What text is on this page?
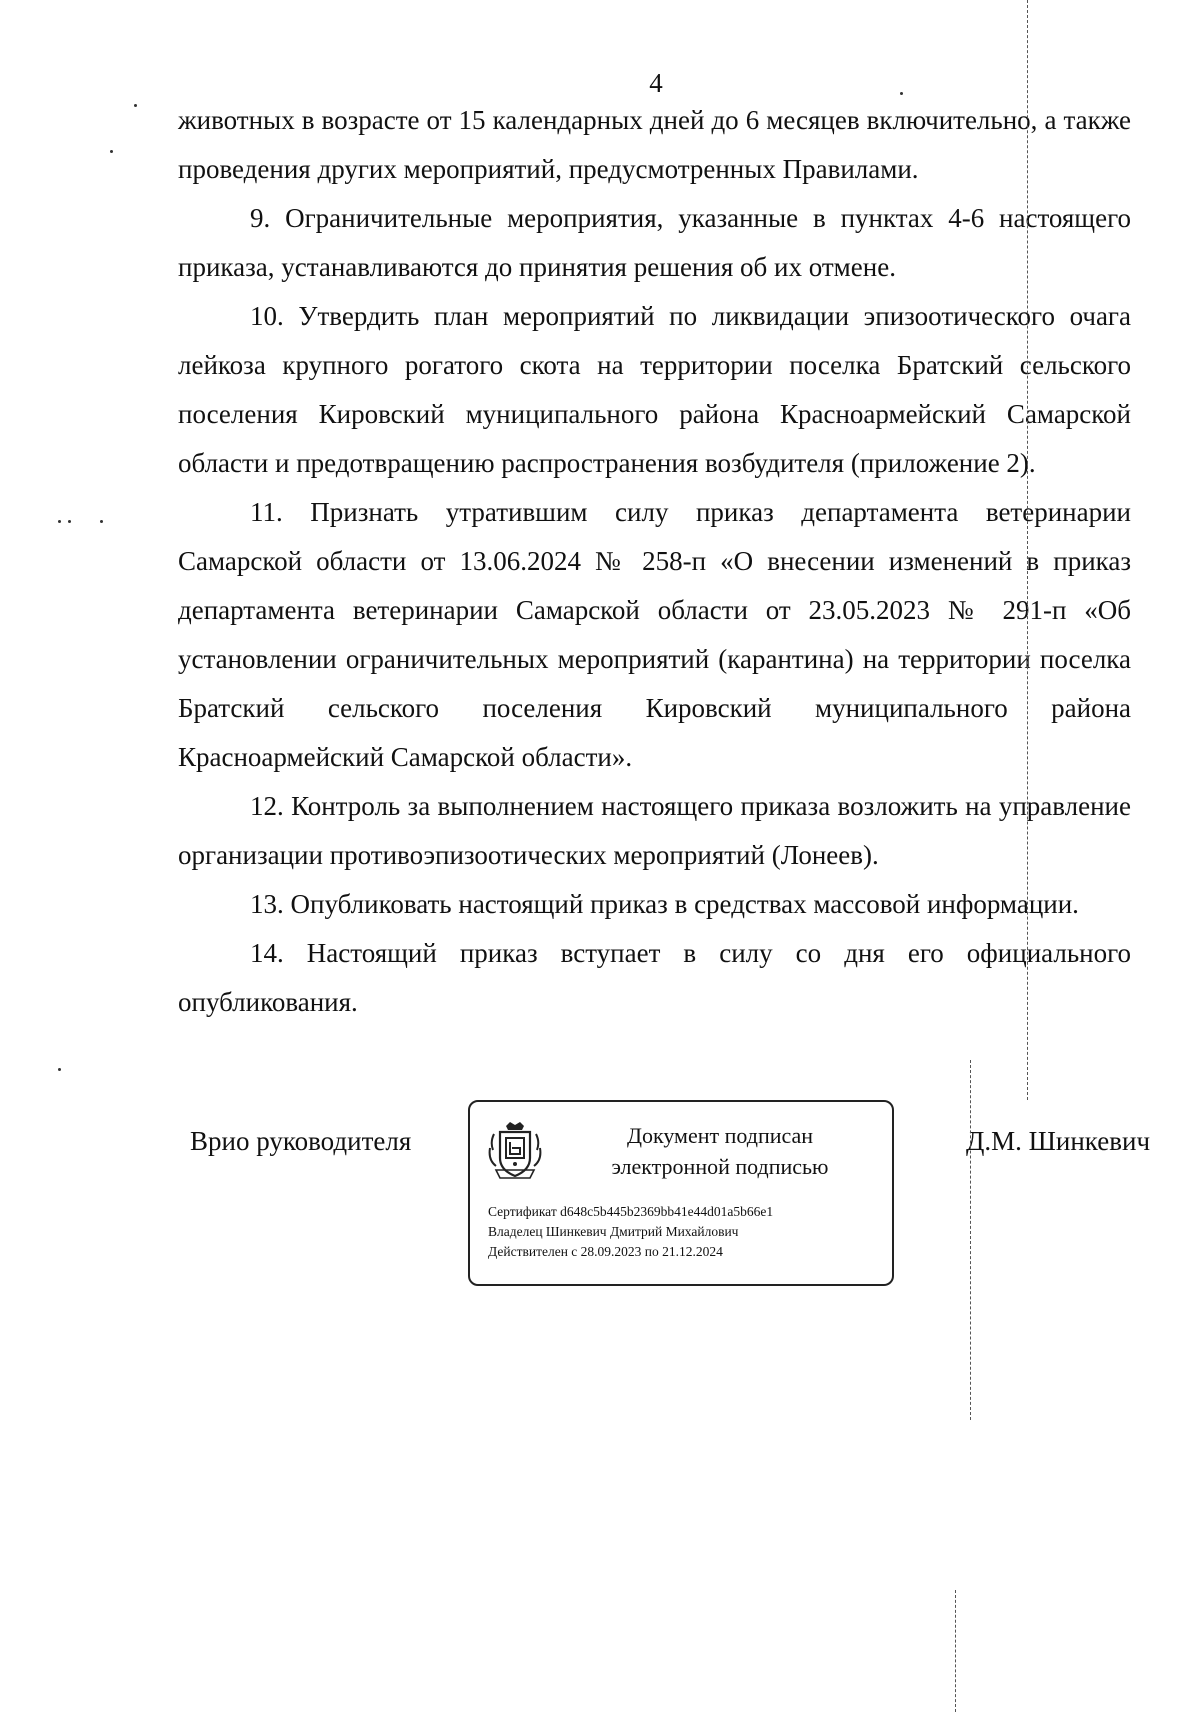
4

животных в возрасте от 15 календарных дней до 6 месяцев включительно, а также проведения других мероприятий, предусмотренных Правилами.

9. Ограничительные мероприятия, указанные в пунктах 4-6 настоящего приказа, устанавливаются до принятия решения об их отмене.

10. Утвердить план мероприятий по ликвидации эпизоотического очага лейкоза крупного рогатого скота на территории поселка Братский сельского поселения Кировский муниципального района Красноармейский Самарской области и предотвращению распространения возбудителя (приложение 2).

11. Признать утратившим силу приказ департамента ветеринарии Самарской области от 13.06.2024 № 258-п «О внесении изменений в приказ департамента ветеринарии Самарской области от 23.05.2023 № 291-п «Об установлении ограничительных мероприятий (карантина) на территории поселка Братский сельского поселения Кировский муниципального района Красноармейский Самарской области».

12. Контроль за выполнением настоящего приказа возложить на управление организации противоэпизоотических мероприятий (Лонеев).

13. Опубликовать настоящий приказ в средствах массовой информации.

14. Настоящий приказ вступает в силу со дня его официального опубликования.

Врио руководителя	Документ подписан
электронной подписью
Сертификат d648c5b445b2369bb41e44d01a5b66e1
Владелец Шинкевич Дмитрий Михайлович
Действителен с 28.09.2023 по 21.12.2024
Д.М. Шинкевич
